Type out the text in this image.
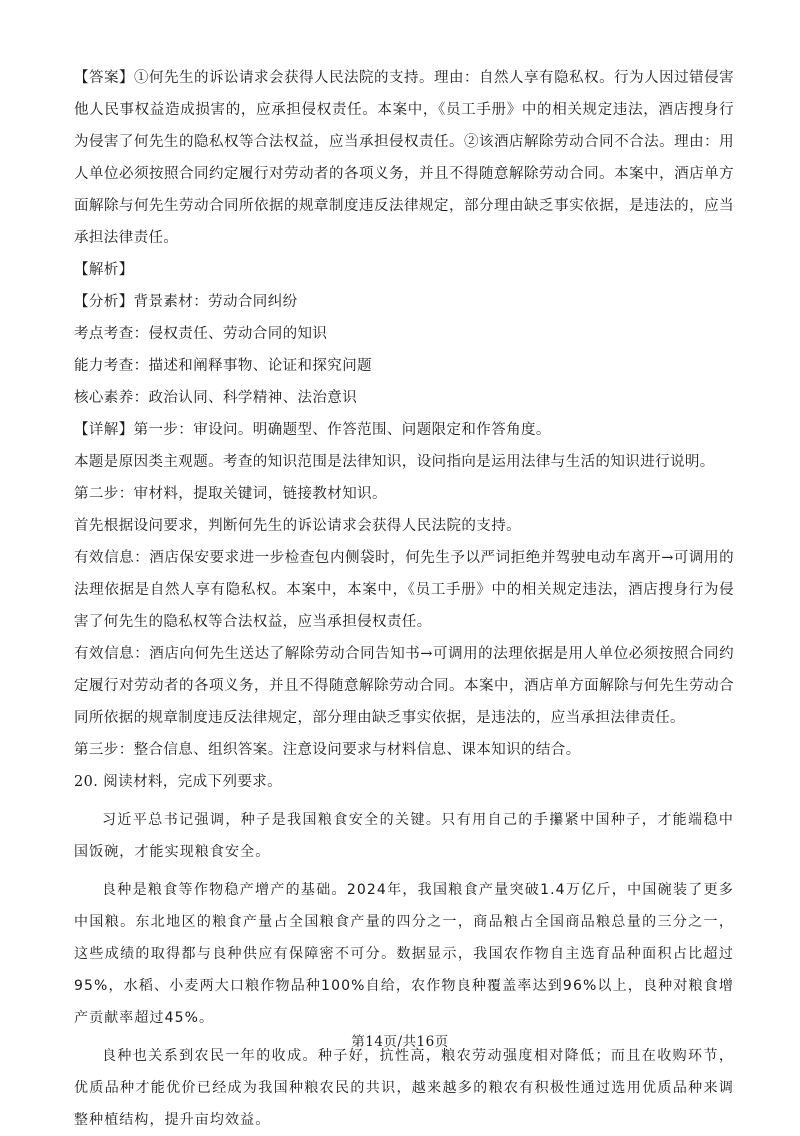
【答案】①何先生的诉讼请求会获得人民法院的支持。理由：自然人享有隐私权。行为人因过错侵害他人民事权益造成损害的，应承担侵权责任。本案中，《员工手册》中的相关规定违法，酒店搜身行为侵害了何先生的隐私权等合法权益，应当承担侵权责任。②该酒店解除劳动合同不合法。理由：用人单位必须按照合同约定履行对劳动者的各项义务，并且不得随意解除劳动合同。本案中，酒店单方面解除与何先生劳动合同所依据的规章制度违反法律规定，部分理由缺乏事实依据，是违法的，应当承担法律责任。
【解析】
【分析】背景素材：劳动合同纠纷
考点考查：侵权责任、劳动合同的知识
能力考查：描述和阐释事物、论证和探究问题
核心素养：政治认同、科学精神、法治意识
【详解】第一步：审设问。明确题型、作答范围、问题限定和作答角度。
本题是原因类主观题。考查的知识范围是法律知识，设问指向是运用法律与生活的知识进行说明。
第二步：审材料，提取关键词，链接教材知识。
首先根据设问要求，判断何先生的诉讼请求会获得人民法院的支持。
有效信息：酒店保安要求进一步检查包内侧袋时，何先生予以严词拒绝并驾驶电动车离开→可调用的法理依据是自然人享有隐私权。本案中，本案中，《员工手册》中的相关规定违法，酒店搜身行为侵害了何先生的隐私权等合法权益，应当承担侵权责任。
有效信息：酒店向何先生送达了解除劳动合同告知书→可调用的法理依据是用人单位必须按照合同约定履行对劳动者的各项义务，并且不得随意解除劳动合同。本案中，酒店单方面解除与何先生劳动合同所依据的规章制度违反法律规定，部分理由缺乏事实依据，是违法的，应当承担法律责任。
第三步：整合信息、组织答案。注意设问要求与材料信息、课本知识的结合。
20. 阅读材料，完成下列要求。
习近平总书记强调，种子是我国粮食安全的关键。只有用自己的手攥紧中国种子，才能端稳中国饭碗，才能实现粮食安全。
良种是粮食等作物稳产增产的基础。2024年，我国粮食产量突破1.4万亿斤，中国碗装了更多中国粮。东北地区的粮食产量占全国粮食产量的四分之一，商品粮占全国商品粮总量的三分之一，这些成绩的取得都与良种供应有保障密不可分。数据显示，我国农作物自主选育品种面积占比超过95%，水稻、小麦两大口粮作物品种100%自给，农作物良种覆盖率达到96%以上，良种对粮食增产贡献率超过45%。
良种也关系到农民一年的收成。种子好，抗性高，粮农劳动强度相对降低；而且在收购环节，优质品种才能优价已经成为我国种粮农民的共识，越来越多的粮农有积极性通过选用优质品种来调整种植结构，提升亩均效益。
第14页/共16页
